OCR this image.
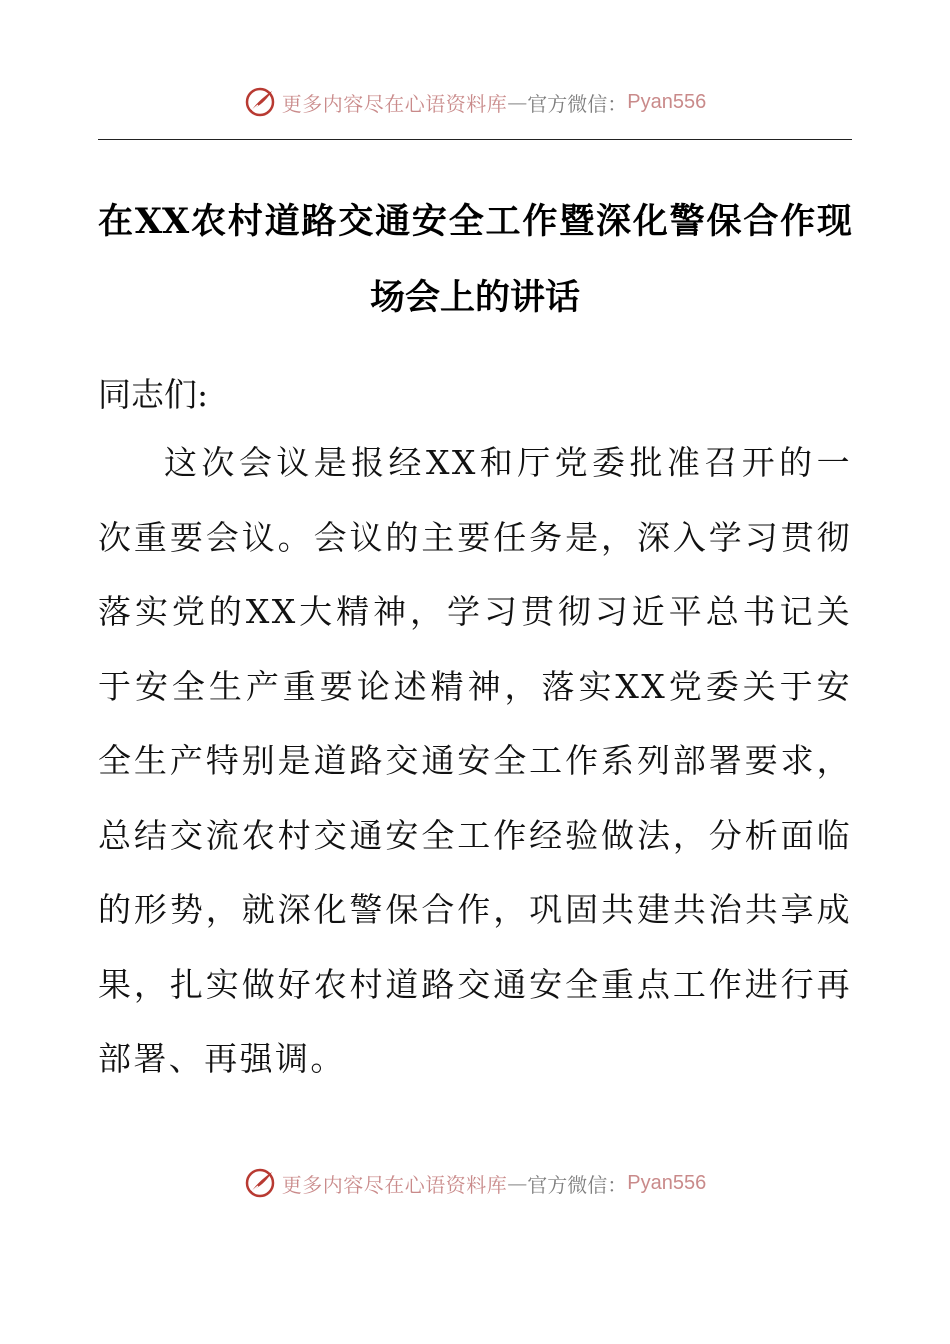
更多内容尽在心语资料库 — 官方微信： Pyan556
在XX农村道路交通安全工作暨深化警保合作现场会上的讲话

同志们:

这次会议是报经XX和厅党委批准召开的一次重要会议。会议的主要任务是，深入学习贯彻落实党的XX大精神，学习贯彻习近平总书记关于安全生产重要论述精神，落实XX党委关于安全生产特别是道路交通安全工作系列部署要求，总结交流农村交通安全工作经验做法，分析面临的形势，就深化警保合作，巩固共建共治共享成果，扎实做好农村道路交通安全重点工作进行再部署、再强调。

更多内容尽在心语资料库 — 官方微信： Pyan556
